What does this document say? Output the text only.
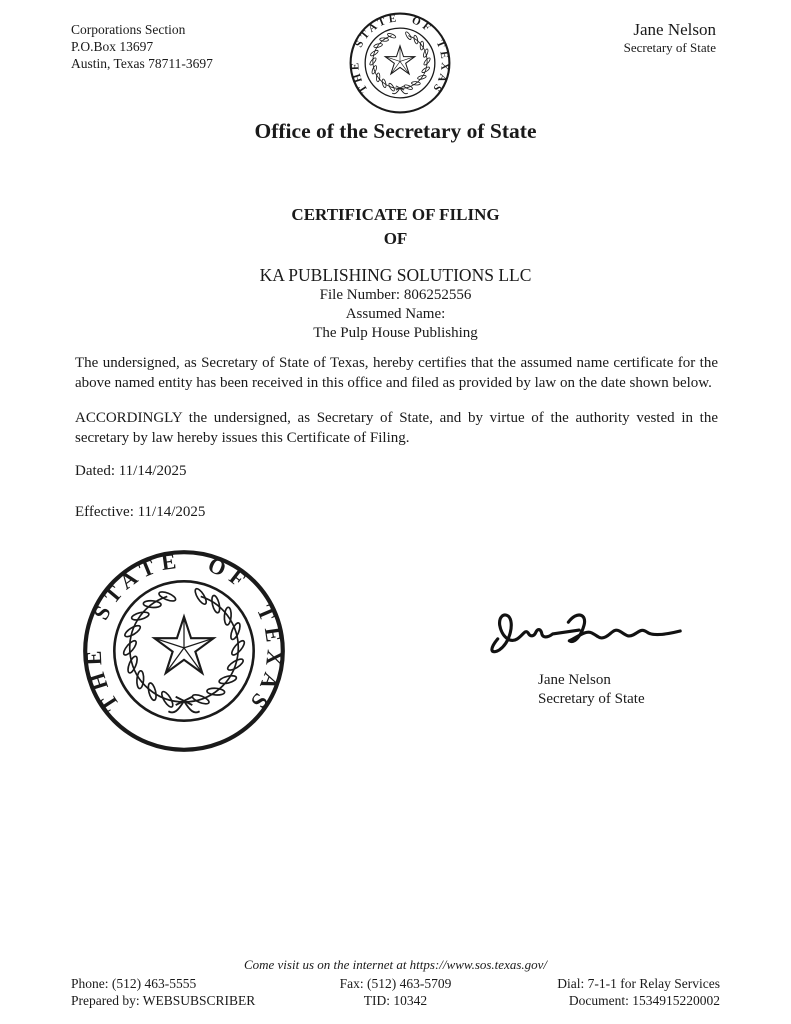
Corporations Section
P.O.Box 13697
Austin, Texas 78711-3697
Jane Nelson
Secretary of State
Office of the Secretary of State
CERTIFICATE OF FILING
OF
KA PUBLISHING SOLUTIONS LLC
File Number: 806252556
Assumed Name:
The Pulp House Publishing
The undersigned, as Secretary of State of Texas, hereby certifies that the assumed name certificate for the above named entity has been received in this office and filed as provided by law on the date shown below.
ACCORDINGLY the undersigned, as Secretary of State, and by virtue of the authority vested in the secretary by law hereby issues this Certificate of Filing.
Dated: 11/14/2025
Effective: 11/14/2025
Jane Nelson
Secretary of State
Come visit us on the internet at https://www.sos.texas.gov/
Phone: (512) 463-5555	Fax: (512) 463-5709	Dial: 7-1-1 for Relay Services
Prepared by: WEBSUBSCRIBER	TID: 10342	Document: 1534915220002
